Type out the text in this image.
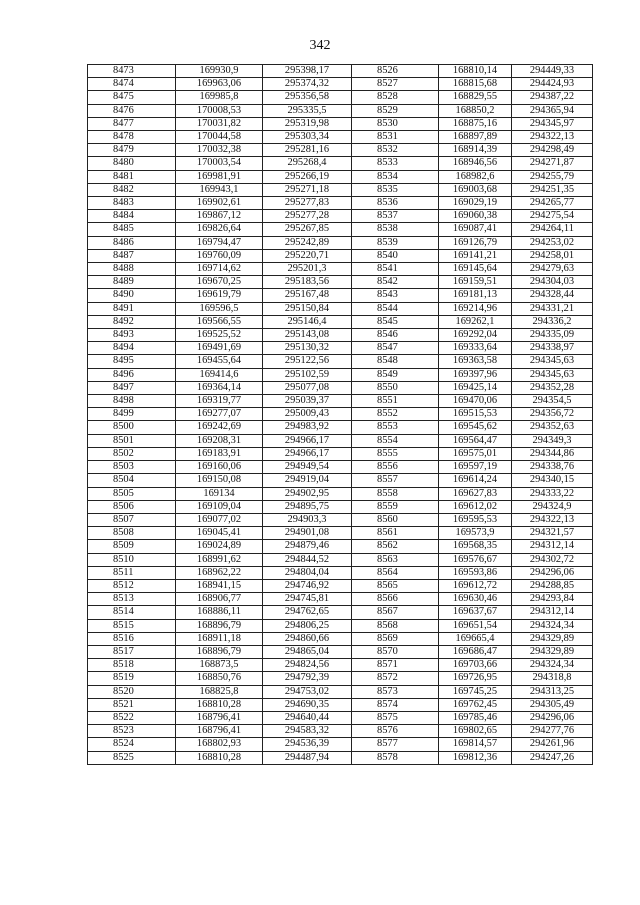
342
8473	169930,9	295398,17	8526	168810,14	294449,33
8474	169963,06	295374,32	8527	168815,68	294424,93
8475	169985,8	295356,58	8528	168829,55	294387,22
8476	170008,53	295335,5	8529	168850,2	294365,94
8477	170031,82	295319,98	8530	168875,16	294345,97
8478	170044,58	295303,34	8531	168897,89	294322,13
8479	170032,38	295281,16	8532	168914,39	294298,49
8480	170003,54	295268,4	8533	168946,56	294271,87
8481	169981,91	295266,19	8534	168982,6	294255,79
8482	169943,1	295271,18	8535	169003,68	294251,35
8483	169902,61	295277,83	8536	169029,19	294265,77
8484	169867,12	295277,28	8537	169060,38	294275,54
8485	169826,64	295267,85	8538	169087,41	294264,11
8486	169794,47	295242,89	8539	169126,79	294253,02
8487	169760,09	295220,71	8540	169141,21	294258,01
8488	169714,62	295201,3	8541	169145,64	294279,63
8489	169670,25	295183,56	8542	169159,51	294304,03
8490	169619,79	295167,48	8543	169181,13	294328,44
8491	169596,5	295150,84	8544	169214,96	294331,21
8492	169566,55	295146,4	8545	169262,1	294336,2
8493	169525,52	295143,08	8546	169292,04	294335,09
8494	169491,69	295130,32	8547	169333,64	294338,97
8495	169455,64	295122,56	8548	169363,58	294345,63
8496	169414,6	295102,59	8549	169397,96	294345,63
8497	169364,14	295077,08	8550	169425,14	294352,28
8498	169319,77	295039,37	8551	169470,06	294354,5
8499	169277,07	295009,43	8552	169515,53	294356,72
8500	169242,69	294983,92	8553	169545,62	294352,63
8501	169208,31	294966,17	8554	169564,47	294349,3
8502	169183,91	294966,17	8555	169575,01	294344,86
8503	169160,06	294949,54	8556	169597,19	294338,76
8504	169150,08	294919,04	8557	169614,24	294340,15
8505	169134	294902,95	8558	169627,83	294333,22
8506	169109,04	294895,75	8559	169612,02	294324,9
8507	169077,02	294903,3	8560	169595,53	294322,13
8508	169045,41	294901,08	8561	169573,9	294321,57
8509	169024,89	294879,46	8562	169568,35	294312,14
8510	168991,62	294844,52	8563	169576,67	294302,72
8511	168962,22	294804,04	8564	169593,86	294296,06
8512	168941,15	294746,92	8565	169612,72	294288,85
8513	168906,77	294745,81	8566	169630,46	294293,84
8514	168886,11	294762,65	8567	169637,67	294312,14
8515	168896,79	294806,25	8568	169651,54	294324,34
8516	168911,18	294860,66	8569	169665,4	294329,89
8517	168896,79	294865,04	8570	169686,47	294329,89
8518	168873,5	294824,56	8571	169703,66	294324,34
8519	168850,76	294792,39	8572	169726,95	294318,8
8520	168825,8	294753,02	8573	169745,25	294313,25
8521	168810,28	294690,35	8574	169762,45	294305,49
8522	168796,41	294640,44	8575	169785,46	294296,06
8523	168796,41	294583,32	8576	169802,65	294277,76
8524	168802,93	294536,39	8577	169814,57	294261,96
8525	168810,28	294487,94	8578	169812,36	294247,26
